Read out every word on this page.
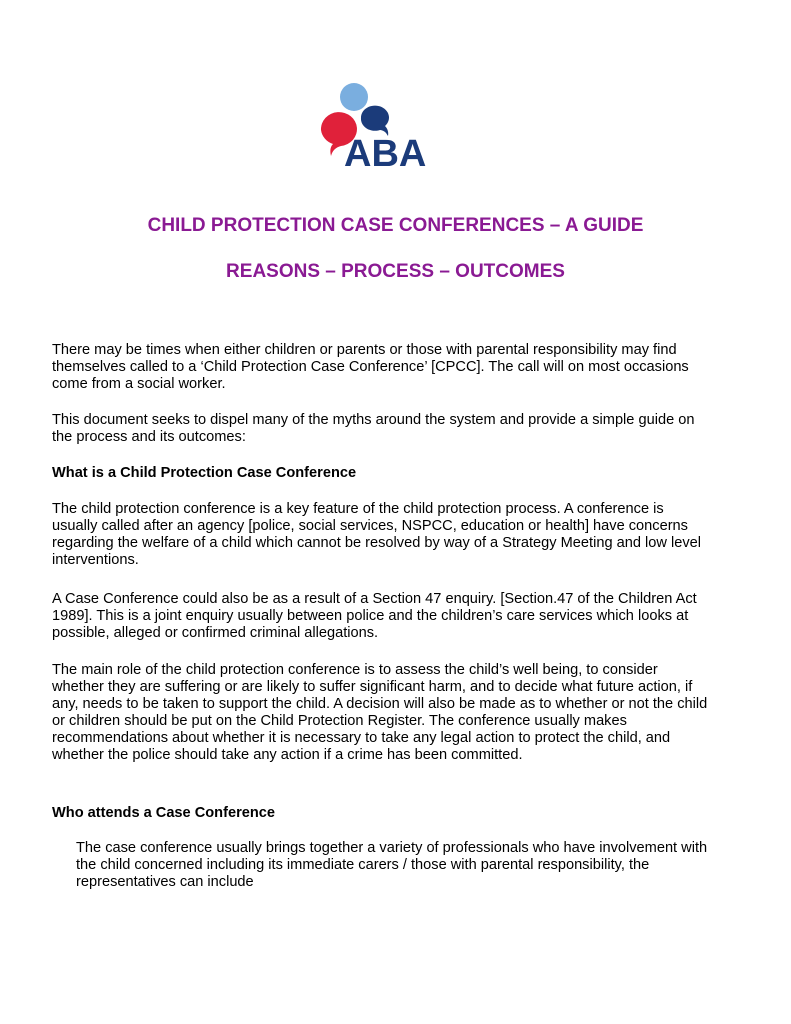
ABA
CHILD PROTECTION CASE CONFERENCES – A GUIDE
REASONS – PROCESS – OUTCOMES

There may be times when either children or parents or those with parental responsibility may find themselves called to a ‘Child Protection Case Conference’ [CPCC]. The call will on most occasions come from a social worker.

This document seeks to dispel many of the myths around the system and provide a simple guide on the process and its outcomes:

What is a Child Protection Case Conference

The child protection conference is a key feature of the child protection process. A conference is usually called after an agency [police, social services, NSPCC, education or health] have concerns regarding the welfare of a child which cannot be resolved by way of a Strategy Meeting and low level interventions.

A Case Conference could also be as a result of a Section 47 enquiry. [Section.47 of the Children Act 1989]. This is a joint enquiry usually between police and the children’s care services which looks at possible, alleged or confirmed criminal allegations.

The main role of the child protection conference is to assess the child’s well being, to consider whether they are suffering or are likely to suffer significant harm, and to decide what future action, if any, needs to be taken to support the child. A decision will also be made as to whether or not the child or children should be put on the Child Protection Register. The conference usually makes recommendations about whether it is necessary to take any legal action to protect the child, and whether the police should take any action if a crime has been committed.

Who attends a Case Conference

The case conference usually brings together a variety of professionals who have involvement with the child concerned including its immediate carers / those with parental responsibility, the representatives can include
